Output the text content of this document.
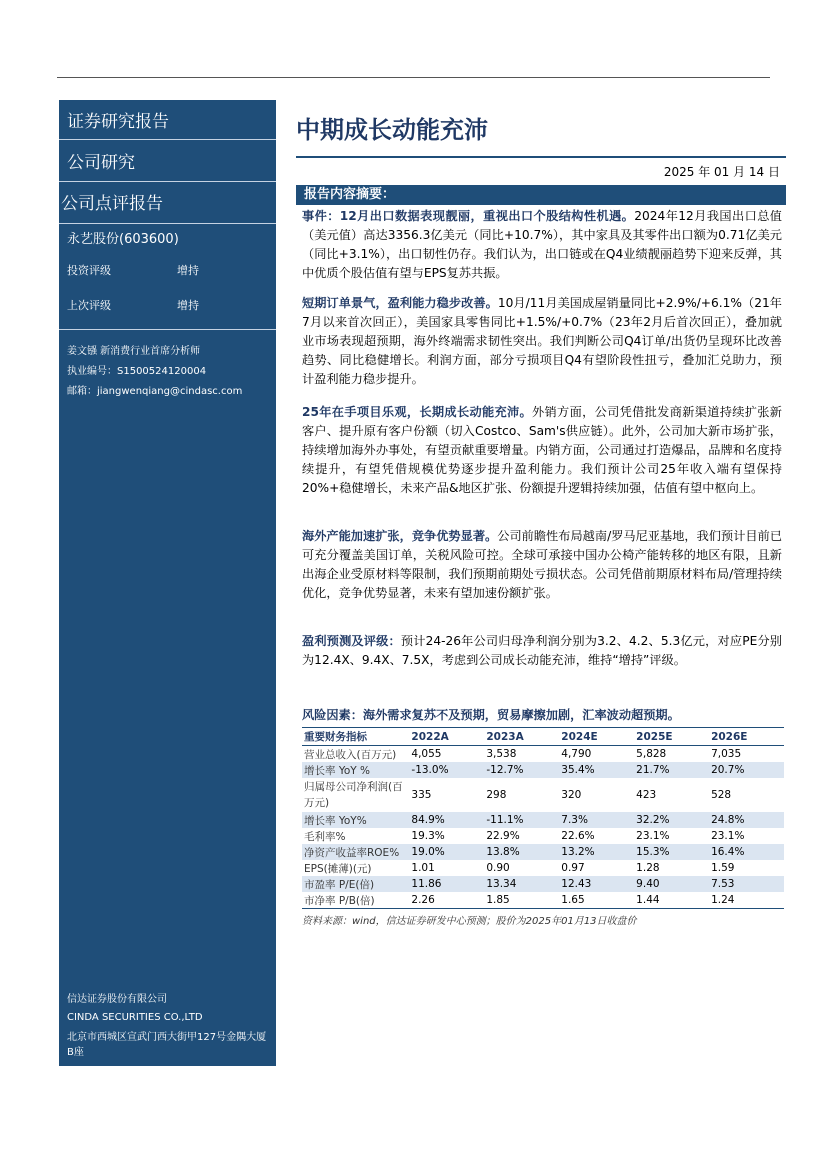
证券研究报告
公司研究
公司点评报告
永艺股份(603600)
投资评级	增持
上次评级	增持
姜文镪 新消费行业首席分析师
执业编号：S1500524120004
邮箱：jiangwenqiang@cindasc.com
信达证券股份有限公司
CINDA SECURITIES CO.,LTD
北京市西城区宣武门西大街甲127号金隅大厦B座
中期成长动能充沛
2025 年 01 月 14 日
报告内容摘要：
事件：12月出口数据表现靓丽，重视出口个股结构性机遇。2024年12月我国出口总值（美元值）高达3356.3亿美元（同比+10.7%），其中家具及其零件出口额为0.71亿美元（同比+3.1%），出口韧性仍存。我们认为，出口链或在Q4业绩靓丽趋势下迎来反弹，其中优质个股估值有望与EPS复苏共振。
短期订单景气，盈利能力稳步改善。10月/11月美国成屋销量同比+2.9%/+6.1%（21年7月以来首次回正），美国家具零售同比+1.5%/+0.7%（23年2月后首次回正），叠加就业市场表现超预期，海外终端需求韧性突出。我们判断公司Q4订单/出货仍呈现环比改善趋势、同比稳健增长。利润方面，部分亏损项目Q4有望阶段性扭亏，叠加汇兑助力，预计盈利能力稳步提升。
25年在手项目乐观，长期成长动能充沛。外销方面，公司凭借批发商新渠道持续扩张新客户、提升原有客户份额（切入Costco、Sam's供应链）。此外，公司加大新市场扩张，持续增加海外办事处，有望贡献重要增量。内销方面，公司通过打造爆品，品牌和名度持续提升，有望凭借规模优势逐步提升盈利能力。我们预计公司25年收入端有望保持20%+稳健增长，未来产品&地区扩张、份额提升逻辑持续加强，估值有望中枢向上。
海外产能加速扩张，竞争优势显著。公司前瞻性布局越南/罗马尼亚基地，我们预计目前已可充分覆盖美国订单，关税风险可控。全球可承接中国办公椅产能转移的地区有限，且新出海企业受原材料等限制，我们预期前期处亏损状态。公司凭借前期原材料布局/管理持续优化，竞争优势显著，未来有望加速份额扩张。
盈利预测及评级：预计24-26年公司归母净利润分别为3.2、4.2、5.3亿元，对应PE分别为12.4X、9.4X、7.5X，考虑到公司成长动能充沛，维持“增持”评级。
风险因素：海外需求复苏不及预期，贸易摩擦加剧，汇率波动超预期。
重要财务指标	2022A	2023A	2024E	2025E	2026E
营业总收入(百万元)	4,055	3,538	4,790	5,828	7,035
增长率 YoY %	-13.0%	-12.7%	35.4%	21.7%	20.7%
归属母公司净利润(百万元)	335	298	320	423	528
增长率 YoY%	84.9%	-11.1%	7.3%	32.2%	24.8%
毛利率%	19.3%	22.9%	22.6%	23.1%	23.1%
净资产收益率ROE%	19.0%	13.8%	13.2%	15.3%	16.4%
EPS(摊薄)(元)	1.01	0.90	0.97	1.28	1.59
市盈率 P/E(倍)	11.86	13.34	12.43	9.40	7.53
市净率 P/B(倍)	2.26	1.85	1.65	1.44	1.24
资料来源：wind，信达证券研发中心预测；股价为2025年01月13日收盘价
